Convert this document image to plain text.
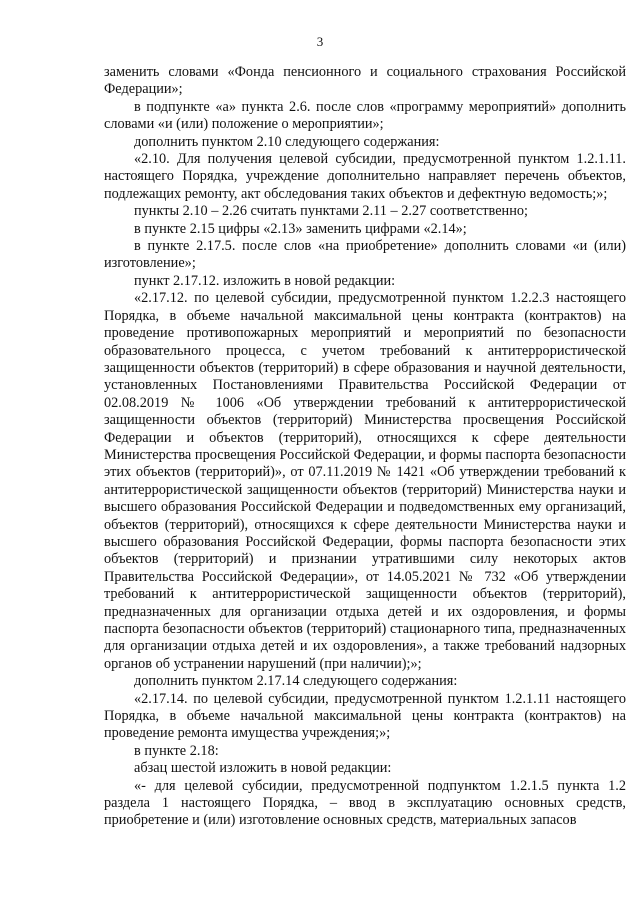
3

заменить словами «Фонда пенсионного и социального страхования Российской Федерации»;

в подпункте «а» пункта 2.6. после слов «программу мероприятий» дополнить словами «и (или) положение о мероприятии»;

дополнить пунктом 2.10 следующего содержания:

«2.10. Для получения целевой субсидии, предусмотренной пунктом 1.2.1.11. настоящего Порядка, учреждение дополнительно направляет перечень объектов, подлежащих ремонту, акт обследования таких объектов и дефектную ведомость;»;

пункты 2.10 – 2.26 считать пунктами 2.11 – 2.27 соответственно;

в пункте 2.15 цифры «2.13» заменить цифрами «2.14»;

в пункте 2.17.5. после слов «на приобретение» дополнить словами «и (или) изготовление»;

пункт 2.17.12. изложить в новой редакции:

«2.17.12. по целевой субсидии, предусмотренной пунктом 1.2.2.3 настоящего Порядка, в объеме начальной максимальной цены контракта (контрактов) на проведение противопожарных мероприятий и мероприятий по безопасности образовательного процесса, с учетом требований к антитеррористической защищенности объектов (территорий) в сфере образования и научной деятельности, установленных Постановлениями Правительства Российской Федерации от 02.08.2019 № 1006 «Об утверждении требований к антитеррористической защищенности объектов (территорий) Министерства просвещения Российской Федерации и объектов (территорий), относящихся к сфере деятельности Министерства просвещения Российской Федерации, и формы паспорта безопасности этих объектов (территорий)», от 07.11.2019 № 1421 «Об утверждении требований к антитеррористической защищенности объектов (территорий) Министерства науки и высшего образования Российской Федерации и подведомственных ему организаций, объектов (территорий), относящихся к сфере деятельности Министерства науки и высшего образования Российской Федерации, формы паспорта безопасности этих объектов (территорий) и признании утратившими силу некоторых актов Правительства Российской Федерации», от 14.05.2021 № 732 «Об утверждении требований к антитеррористической защищенности объектов (территорий), предназначенных для организации отдыха детей и их оздоровления, и формы паспорта безопасности объектов (территорий) стационарного типа, предназначенных для организации отдыха детей и их оздоровления», а также требований надзорных органов об устранении нарушений (при наличии);»;

дополнить пунктом 2.17.14 следующего содержания:

«2.17.14. по целевой субсидии, предусмотренной пунктом 1.2.1.11 настоящего Порядка, в объеме начальной максимальной цены контракта (контрактов) на проведение ремонта имущества учреждения;»;

в пункте 2.18:

абзац шестой изложить в новой редакции:

«- для целевой субсидии, предусмотренной подпунктом 1.2.1.5 пункта 1.2 раздела 1 настоящего Порядка, – ввод в эксплуатацию основных средств, приобретение и (или) изготовление основных средств, материальных запасов
